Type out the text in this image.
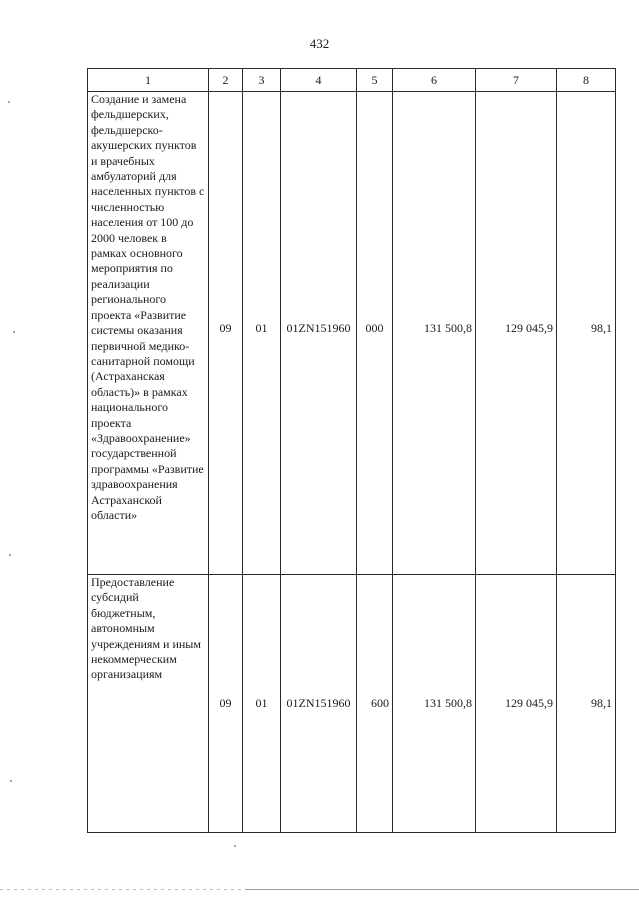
432
1	2	3	4	5	6	7	8
Создание и замена фельдшерских, фельдшерско-акушерских пунктов и врачебных амбулаторий для населенных пунктов с численностью населения от 100 до 2000 человек в рамках основного мероприятия по реализации регионального проекта «Развитие системы оказания первичной медико-санитарной помощи (Астраханская область)» в рамках национального проекта «Здравоохранение» государственной программы «Развитие здравоохранения Астраханской области»	09	01	01ZN151960	000	131 500,8	129 045,9	98,1
Предоставление субсидий бюджетным, автономным учреждениям и иным некоммерческим организациям	09	01	01ZN151960	600	131 500,8	129 045,9	98,1
